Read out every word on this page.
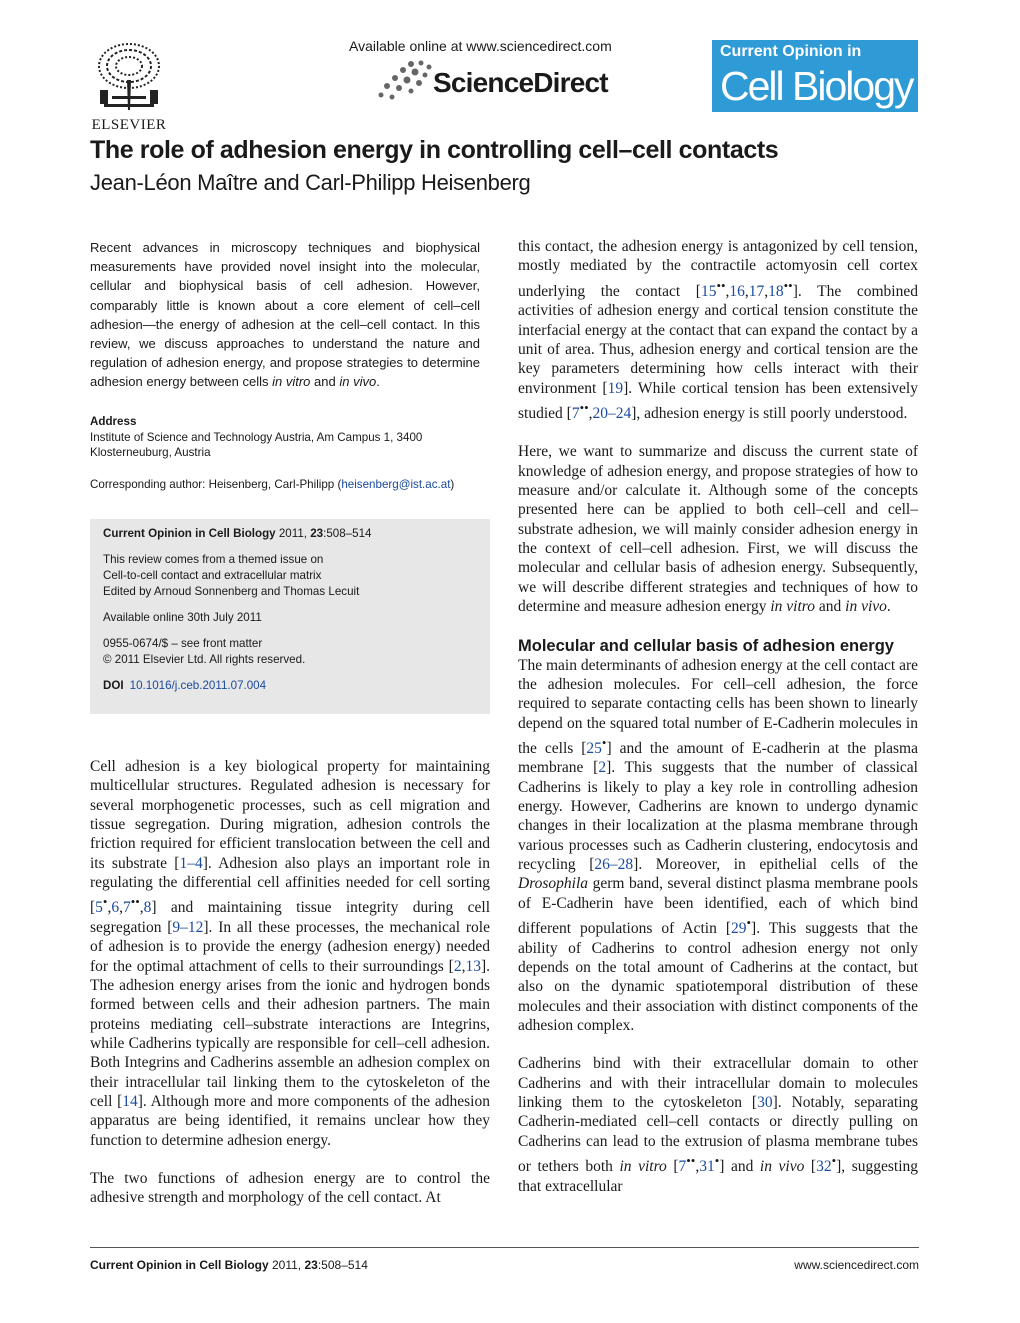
ELSEVIER
Available online at www.sciencedirect.com
ScienceDirect
Current Opinion in
Cell Biology
The role of adhesion energy in controlling cell–cell contacts
Jean-Léon Maître and Carl-Philipp Heisenberg
Recent advances in microscopy techniques and biophysical measurements have provided novel insight into the molecular, cellular and biophysical basis of cell adhesion. However, comparably little is known about a core element of cell–cell adhesion—the energy of adhesion at the cell–cell contact. In this review, we discuss approaches to understand the nature and regulation of adhesion energy, and propose strategies to determine adhesion energy between cells in vitro and in vivo.
Address
Institute of Science and Technology Austria, Am Campus 1, 3400
Klosterneuburg, Austria
Corresponding author: Heisenberg, Carl-Philipp (heisenberg@ist.ac.at)
Current Opinion in Cell Biology 2011, 23:508–514
This review comes from a themed issue on
Cell-to-cell contact and extracellular matrix
Edited by Arnoud Sonnenberg and Thomas Lecuit
Available online 30th July 2011
0955-0674/$ – see front matter
© 2011 Elsevier Ltd. All rights reserved.
DOI 10.1016/j.ceb.2011.07.004

Cell adhesion is a key biological property for maintaining multicellular structures. Regulated adhesion is necessary for several morphogenetic processes, such as cell migration and tissue segregation. During migration, adhesion controls the friction required for efficient translocation between the cell and its substrate [1–4]. Adhesion also plays an important role in regulating the differential cell affinities needed for cell sorting [5•,6,7••,8] and maintaining tissue integrity during cell segregation [9–12]. In all these processes, the mechanical role of adhesion is to provide the energy (adhesion energy) needed for the optimal attachment of cells to their surroundings [2,13]. The adhesion energy arises from the ionic and hydrogen bonds formed between cells and their adhesion partners. The main proteins mediating cell–substrate interactions are Integrins, while Cadherins typically are responsible for cell–cell adhesion. Both Integrins and Cadherins assemble an adhesion complex on their intracellular tail linking them to the cytoskeleton of the cell [14]. Although more and more components of the adhesion apparatus are being identified, it remains unclear how they function to determine adhesion energy.

The two functions of adhesion energy are to control the adhesive strength and morphology of the cell contact. At

this contact, the adhesion energy is antagonized by cell tension, mostly mediated by the contractile actomyosin cell cortex underlying the contact [15••,16,17,18••]. The combined activities of adhesion energy and cortical tension constitute the interfacial energy at the contact that can expand the contact by a unit of area. Thus, adhesion energy and cortical tension are the key parameters determining how cells interact with their environment [19]. While cortical tension has been extensively studied [7••,20–24], adhesion energy is still poorly understood.

Here, we want to summarize and discuss the current state of knowledge of adhesion energy, and propose strategies of how to measure and/or calculate it. Although some of the concepts presented here can be applied to both cell–cell and cell–substrate adhesion, we will mainly consider adhesion energy in the context of cell–cell adhesion. First, we will discuss the molecular and cellular basis of adhesion energy. Subsequently, we will describe different strategies and techniques of how to determine and measure adhesion energy in vitro and in vivo.

Molecular and cellular basis of adhesion energy

The main determinants of adhesion energy at the cell contact are the adhesion molecules. For cell–cell adhesion, the force required to separate contacting cells has been shown to linearly depend on the squared total number of E-Cadherin molecules in the cells [25•] and the amount of E-cadherin at the plasma membrane [2]. This suggests that the number of classical Cadherins is likely to play a key role in controlling adhesion energy. However, Cadherins are known to undergo dynamic changes in their localization at the plasma membrane through various processes such as Cadherin clustering, endocytosis and recycling [26–28]. Moreover, in epithelial cells of the Drosophila germ band, several distinct plasma membrane pools of E-Cadherin have been identified, each of which bind different populations of Actin [29•]. This suggests that the ability of Cadherins to control adhesion energy not only depends on the total amount of Cadherins at the contact, but also on the dynamic spatiotemporal distribution of these molecules and their association with distinct components of the adhesion complex.

Cadherins bind with their extracellular domain to other Cadherins and with their intracellular domain to molecules linking them to the cytoskeleton [30]. Notably, separating Cadherin-mediated cell–cell contacts or directly pulling on Cadherins can lead to the extrusion of plasma membrane tubes or tethers both in vitro [7••,31•] and in vivo [32•], suggesting that extracellular

Current Opinion in Cell Biology 2011, 23:508–514	www.sciencedirect.com
